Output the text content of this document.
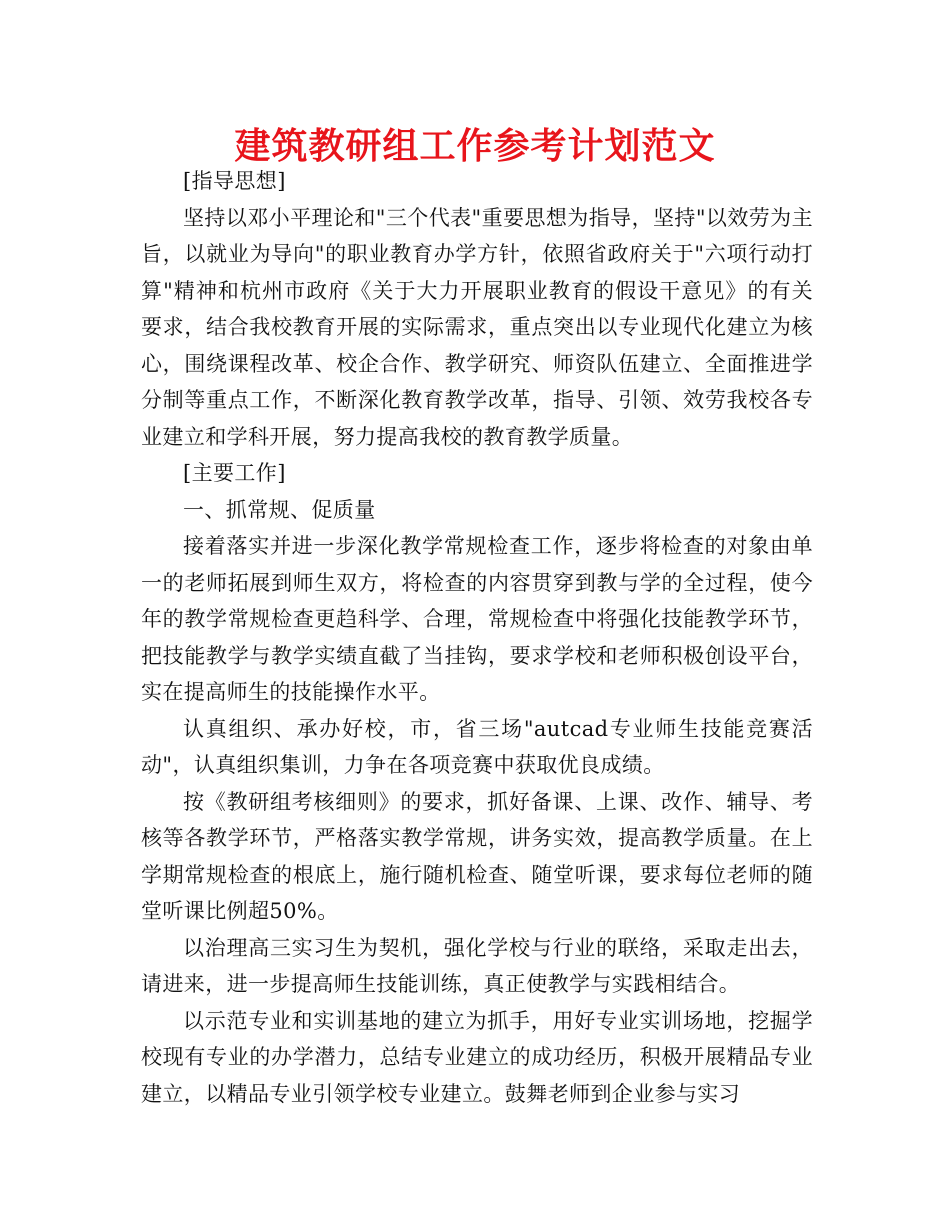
建筑教研组工作参考计划范文

[指导思想]

坚持以邓小平理论和"三个代表"重要思想为指导，坚持"以效劳为主旨，以就业为导向"的职业教育办学方针，依照省政府关于"六项行动打算"精神和杭州市政府《关于大力开展职业教育的假设干意见》的有关要求，结合我校教育开展的实际需求，重点突出以专业现代化建立为核心，围绕课程改革、校企合作、教学研究、师资队伍建立、全面推进学分制等重点工作，不断深化教育教学改革，指导、引领、效劳我校各专业建立和学科开展，努力提高我校的教育教学质量。

[主要工作]

一、抓常规、促质量

接着落实并进一步深化教学常规检查工作，逐步将检查的对象由单一的老师拓展到师生双方，将检查的内容贯穿到教与学的全过程，使今年的教学常规检查更趋科学、合理，常规检查中将强化技能教学环节，把技能教学与教学实绩直截了当挂钩，要求学校和老师积极创设平台，实在提高师生的技能操作水平。

认真组织、承办好校，市，省三场"autcad专业师生技能竞赛活动"，认真组织集训，力争在各项竞赛中获取优良成绩。

按《教研组考核细则》的要求，抓好备课、上课、改作、辅导、考核等各教学环节，严格落实教学常规，讲务实效，提高教学质量。在上学期常规检查的根底上，施行随机检查、随堂听课，要求每位老师的随堂听课比例超50%。

以治理高三实习生为契机，强化学校与行业的联络，采取走出去，请进来，进一步提高师生技能训练，真正使教学与实践相结合。

以示范专业和实训基地的建立为抓手，用好专业实训场地，挖掘学校现有专业的办学潜力，总结专业建立的成功经历，积极开展精品专业建立，以精品专业引领学校专业建立。鼓舞老师到企业参与实习
